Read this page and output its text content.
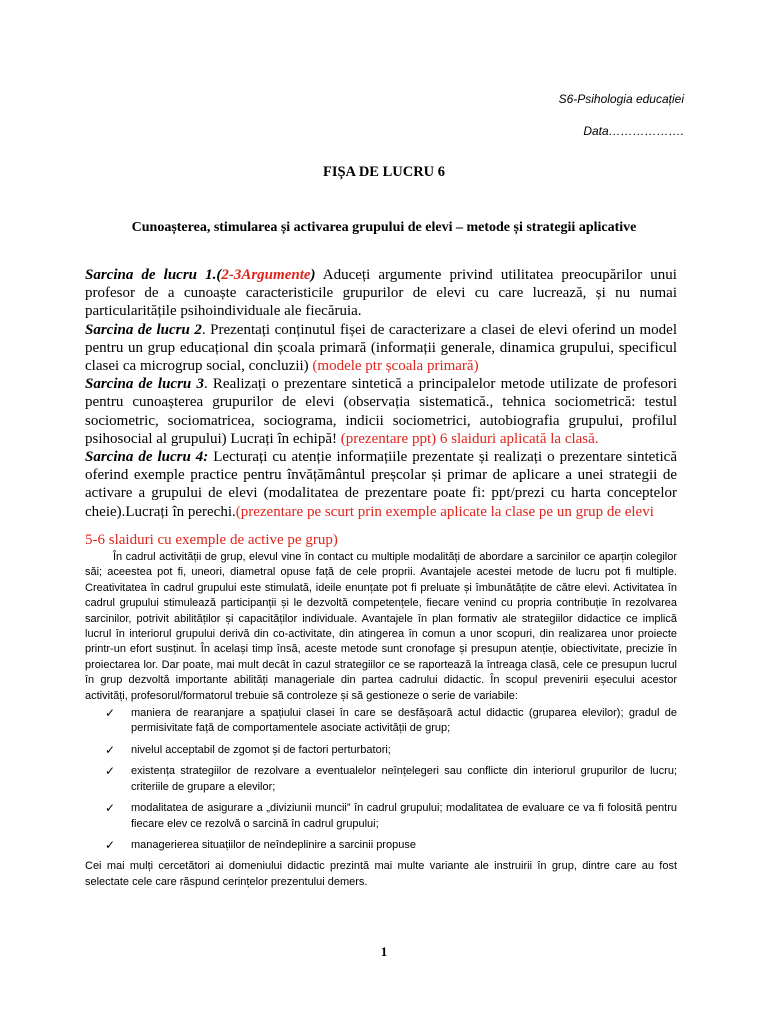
S6-Psihologia educației
Data……………….
FIȘA DE LUCRU 6
Cunoașterea, stimularea și activarea grupului de elevi – metode și strategii aplicative

Sarcina de lucru 1.(2-3Argumente) Aduceți argumente privind utilitatea preocupărilor unui profesor de a cunoaște caracteristicile grupurilor de elevi cu care lucrează, și nu numai particularitățile psihoindividuale ale fiecăruia.

Sarcina de lucru 2. Prezentați conținutul fișei de caracterizare a clasei de elevi oferind un model pentru un grup educațional din școala primară (informații generale, dinamica grupului, specificul clasei ca microgrup social, concluzii) (modele ptr școala primară)

Sarcina de lucru 3. Realizați o prezentare sintetică a principalelor metode utilizate de profesori pentru cunoașterea grupurilor de elevi (observația sistematică., tehnica sociometrică: testul sociometric, sociomatricea, sociograma, indicii sociometrici, autobiografia grupului, profilul psihosocial al grupului) Lucrați în echipă! (prezentare ppt) 6 slaiduri aplicată la clasă.

Sarcina de lucru 4: Lecturați cu atenție informațiile prezentate și realizați o prezentare sintetică oferind exemple practice pentru învățământul preșcolar și primar de aplicare a unei strategii de activare a grupului de elevi (modalitatea de prezentare poate fi: ppt/prezi cu harta conceptelor cheie).Lucrați în perechi.(prezentare pe scurt prin exemple aplicate la clase pe un grup de elevi

5-6 slaiduri cu exemple de active pe grup)

În cadrul activității de grup, elevul vine în contact cu multiple modalități de abordare a sarcinilor ce aparțin colegilor săi; aceestea pot fi, uneori, diametral opuse față de cele proprii. Avantajele acestei metode de lucru pot fi multiple. Creativitatea în cadrul grupului este stimulată, ideile enunțate pot fi preluate și îmbunătățite de către elevi. Activitatea în cadrul grupului stimulează participanții și le dezvoltă competențele, fiecare venind cu propria contribuție în rezolvarea sarcinilor, potrivit abilităților și capacităților individuale. Avantajele în plan formativ ale strategiilor didactice ce implică lucrul în interiorul grupului derivă din co-activitate, din atingerea în comun a unor scopuri, din realizarea unor proiecte printr-un efort susținut. În același timp însă, aceste metode sunt cronofage și presupun atenție, obiectivitate, precizie în proiectarea lor. Dar poate, mai mult decât în cazul strategiilor ce se raportează la întreaga clasă, cele ce presupun lucrul în grup dezvoltă importante abilități manageriale din partea cadrului didactic. În scopul prevenirii eșecului acestor activități, profesorul/formatorul trebuie să controleze și să gestioneze o serie de variabile:

✓ maniera de rearanjare a spațiului clasei în care se desfășoară actul didactic (gruparea elevilor); gradul de permisivitate față de comportamentele asociate activității de grup;
✓ nivelul acceptabil de zgomot și de factori perturbatori;
✓ existența strategiilor de rezolvare a eventualelor neînțelegeri sau conflicte din interiorul grupurilor de lucru; criteriile de grupare a elevilor;
✓ modalitatea de asigurare a „diviziunii muncii” în cadrul grupului; modalitatea de evaluare ce va fi folosită pentru fiecare elev ce rezolvă o sarcină în cadrul grupului;
✓ managerierea situațiilor de neîndeplinire a sarcinii propuse

Cei mai mulți cercetători ai domeniului didactic prezintă mai multe variante ale instruirii în grup, dintre care au fost selectate cele care răspund cerințelor prezentului demers.

1
